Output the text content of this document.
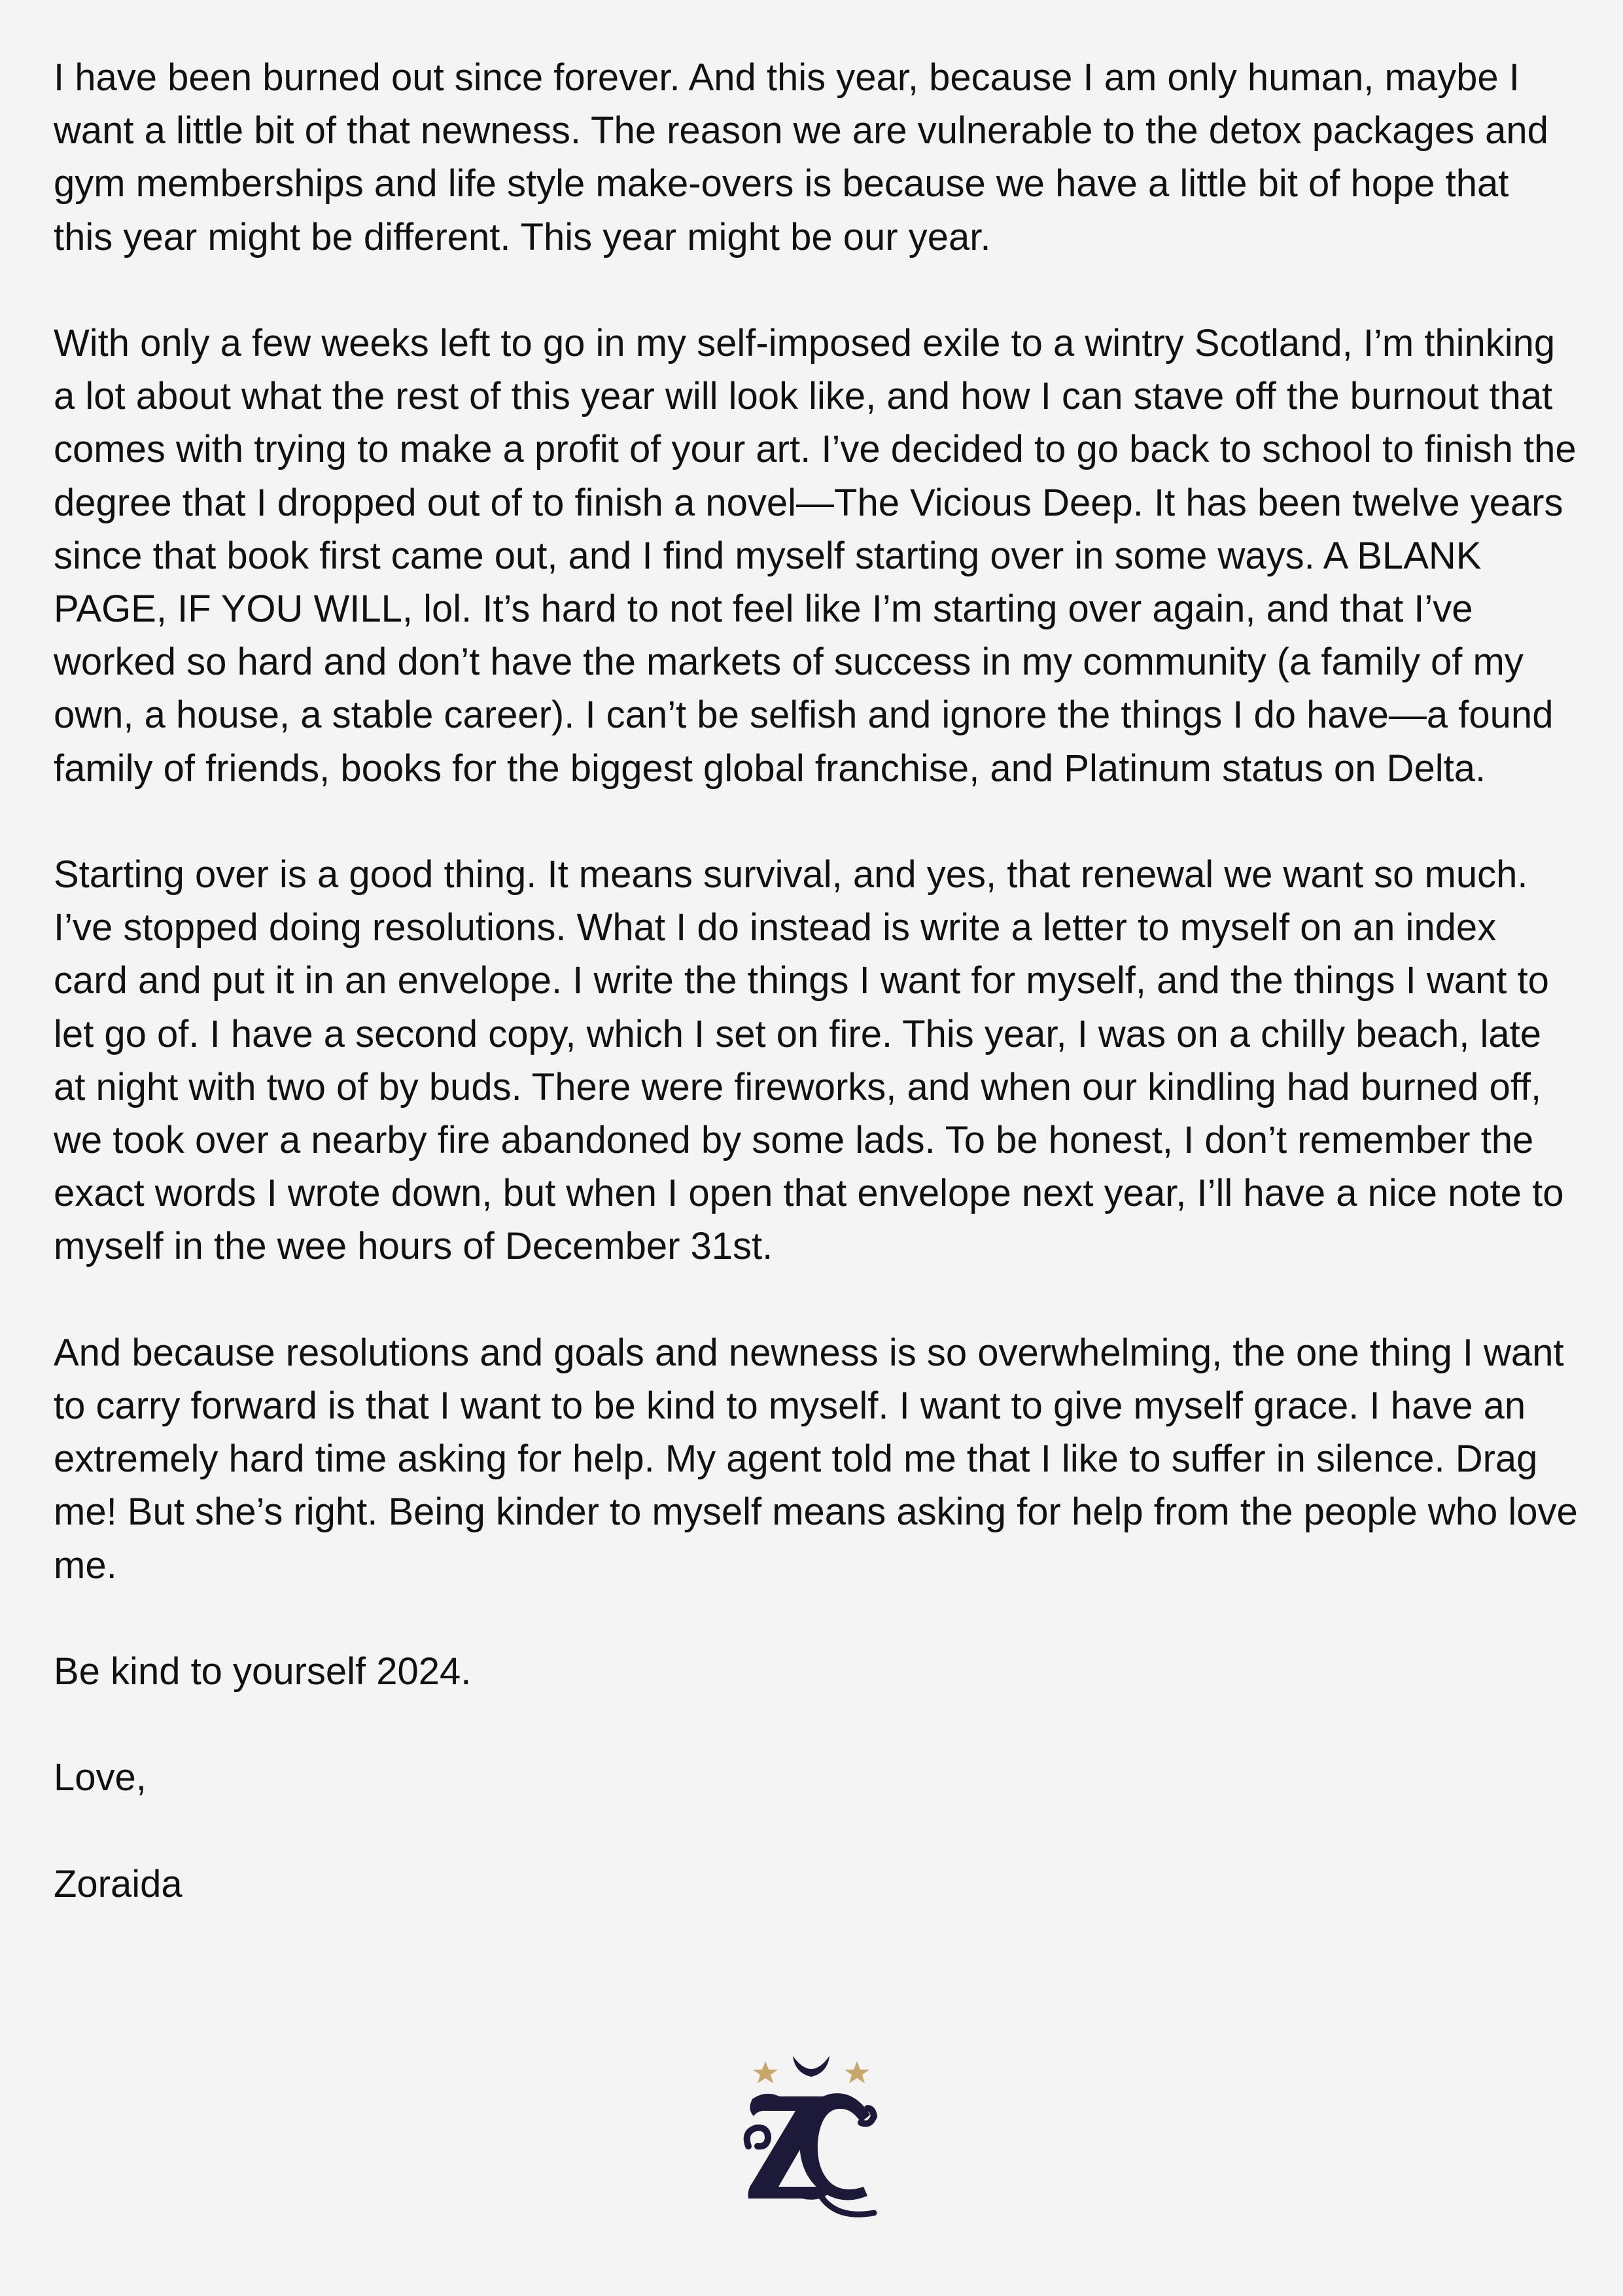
I have been burned out since forever. And this year, because I am only human, maybe I want a little bit of that newness. The reason we are vulnerable to the detox packages and gym memberships and life style make-overs is because we have a little bit of hope that this year might be different. This year might be our year.

With only a few weeks left to go in my self-imposed exile to a wintry Scotland, I’m thinking a lot about what the rest of this year will look like, and how I can stave off the burnout that comes with trying to make a profit of your art. I’ve decided to go back to school to finish the degree that I dropped out of to finish a novel—The Vicious Deep. It has been twelve years since that book first came out, and I find myself starting over in some ways. A BLANK PAGE, IF YOU WILL, lol. It’s hard to not feel like I’m starting over again, and that I’ve worked so hard and don’t have the markets of success in my community (a family of my own, a house, a stable career). I can’t be selfish and ignore the things I do have—a found family of friends, books for the biggest global franchise, and Platinum status on Delta.

Starting over is a good thing. It means survival, and yes, that renewal we want so much. I’ve stopped doing resolutions. What I do instead is write a letter to myself on an index card and put it in an envelope. I write the things I want for myself, and the things I want to let go of. I have a second copy, which I set on fire. This year, I was on a chilly beach, late at night with two of by buds. There were fireworks, and when our kindling had burned off, we took over a nearby fire abandoned by some lads. To be honest, I don’t remember the exact words I wrote down, but when I open that envelope next year, I’ll have a nice note to myself in the wee hours of December 31st.

And because resolutions and goals and newness is so overwhelming, the one thing I want to carry forward is that I want to be kind to myself. I want to give myself grace. I have an extremely hard time asking for help. My agent told me that I like to suffer in silence. Drag me! But she’s right. Being kinder to myself means asking for help from the people who love me.

Be kind to yourself 2024.

Love,

Zoraida
